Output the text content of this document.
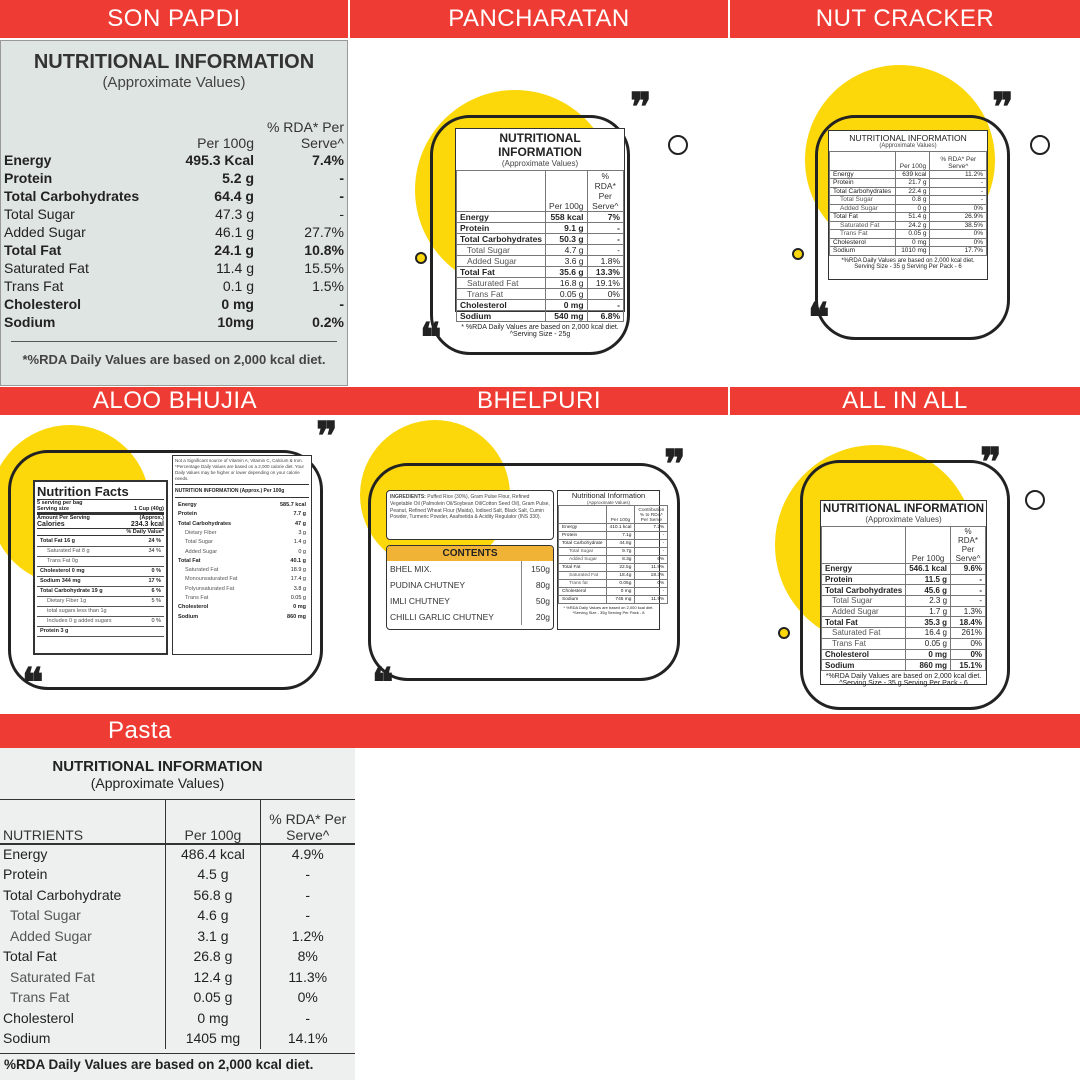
SON PAPDI	PANCHARATAN	NUT CRACKER
ALOO BHUJIA	BHELPURI	ALL IN ALL
Pasta
NUTRITIONAL INFORMATION
(Approximate Values)
	Per 100g	% RDA* Per Serve^
Energy	495.3 Kcal	7.4%
Protein	5.2 g	-
Total Carbohydrates	64.4 g	-
Total Sugar	47.3 g	-
Added Sugar	46.1 g	27.7%
Total Fat	24.1 g	10.8%
Saturated Fat	11.4 g	15.5%
Trans Fat	0.1 g	1.5%
Cholesterol	0 mg	-
Sodium	10mg	0.2%
*%RDA Daily Values are based on 2,000 kcal diet.
❞
❝
NUTRITIONAL INFORMATION
(Approximate Values)
	Per 100g	% RDA* Per Serve^
Energy	558 kcal	7%
Protein	9.1 g	-
Total Carbohydrates	50.3 g	-
Total Sugar	4.7 g	-
Added Sugar	3.6 g	1.8%
Total Fat	35.6 g	13.3%
Saturated Fat	16.8 g	19.1%
Trans Fat	0.05 g	0%
Cholesterol	0 mg	-
Sodium	540 mg	6.8%
* %RDA Daily Values are based on 2,000 kcal diet.
^Serving Size - 25g
❞
❝
NUTRITIONAL INFORMATION
(Approximate Values)
	Per 100g	% RDA* Per Serve^
Energy	639 kcal	11.2%
Protein	21.7 g	-
Total Carbohydrates	22.4 g	-
Total Sugar	0.8 g	-
Added Sugar	0 g	0%
Total Fat	51.4 g	26.9%
Saturated Fat	24.2 g	38.5%
Trans Fat	0.05 g	0%
Cholesterol	0 mg	0%
Sodium	1010 mg	17.7%
*%RDA Daily Values are based on 2,000 kcal diet.
Serving Size - 35 g Serving Per Pack - 6
❞
❝
Nutrition Facts
5 serving per bag
Serving size	1 Cup (40g)
Amount Per Serving	(Approx.)
Calories	234.3 kcal
% Daily Value*
Total Fat 16 g	24 %
Saturated Fat 8 g	34 %
Trans Fat 0g	
Cholesterol 0 mg	0 %
Sodium 344 mg	17 %
Total Carbohydrate 19 g	6 %
Dietary Fiber 1g	5 %
total sugars less than 1g	
Includes 0 g added sugars	0 %
Protein 3 g	
Not a Significant source of Vitamin A, Vitamin C, Calcium & Iron. *Percentage Daily Values are based on a 2,000 calorie diet. Your Daily Values may be higher or lower depending on your calorie needs.
NUTRITION INFORMATION (Approx.) Per 100g
Energy	585.7 kcal
Protein	7.7 g
Total Carbohydrates	47 g
Dietary Fiber	3 g
Total Sugar	1.4 g
Added Sugar	0 g
Total Fat	40.1 g
Saturated Fat	18.9 g
Monounsaturated Fat	17.4 g
Polyunsaturated Fat	3.8 g
Trans Fat	0.05 g
Cholesterol	0 mg
Sodium	860 mg
❞
❝
INGREDIENTS: Puffed Rice (30%), Gram Pulse Flour, Refined Vegetable Oil (Palmolein Oil/Soybean Oil/Cotton Seed Oil), Gram Pulse, Peanut, Refined Wheat Flour (Maida), Iodised Salt, Black Salt, Cumin Powder, Turmeric Powder, Asafoetida & Acidity Regulator (INS 330).
CONTENTS
BHEL MIX.	150g
PUDINA CHUTNEY	80g
IMLI CHUTNEY	50g
CHILLI GARLIC CHUTNEY	20g
Nutritional Information
(Approximate Values)
	Per 100g	Contribution % to RDA* Per Serve
Energy	410.1 kcal	7.2%
Protein	7.1g	-
Total Carbohydrate	44.8g	-
Total Sugar	9.7g	-
Added Sugar	8.3g	6%
Total Fat	22.5g	11.8%
Saturated Fat	18.4g	18.3%
Trans fat	0.05g	0%
Cholesterol	0 mg	-
Sodium	745 mg	11.9%
* %RDA Daily Values are based on 2,000 kcal diet.
*Serving Size - 35g Serving Per Pack - 8
❞
NUTRITIONAL INFORMATION
(Approximate Values)
	Per 100g	% RDA* Per Serve^
Energy	546.1 kcal	9.6%
Protein	11.5 g	-
Total Carbohydrates	45.6 g	-
Total Sugar	2.3 g	-
Added Sugar	1.7 g	1.3%
Total Fat	35.3 g	18.4%
Saturated Fat	16.4 g	261%
Trans Fat	0.05 g	0%
Cholesterol	0 mg	0%
Sodium	860 mg	15.1%
*%RDA Daily Values are based on 2,000 kcal diet.
^Serving Size - 35 g Serving Per Pack - 6
NUTRITIONAL INFORMATION
(Approximate Values)
NUTRIENTS	Per 100g	% RDA* Per Serve^
Energy	486.4 kcal	4.9%
Protein	4.5 g	-
Total Carbohydrate	56.8 g	-
Total Sugar	4.6 g	-
Added Sugar	3.1 g	1.2%
Total Fat	26.8 g	8%
Saturated Fat	12.4 g	11.3%
Trans Fat	0.05 g	0%
Cholesterol	0 mg	-
Sodium	1405 mg	14.1%
%RDA Daily Values are based on 2,000 kcal diet.
